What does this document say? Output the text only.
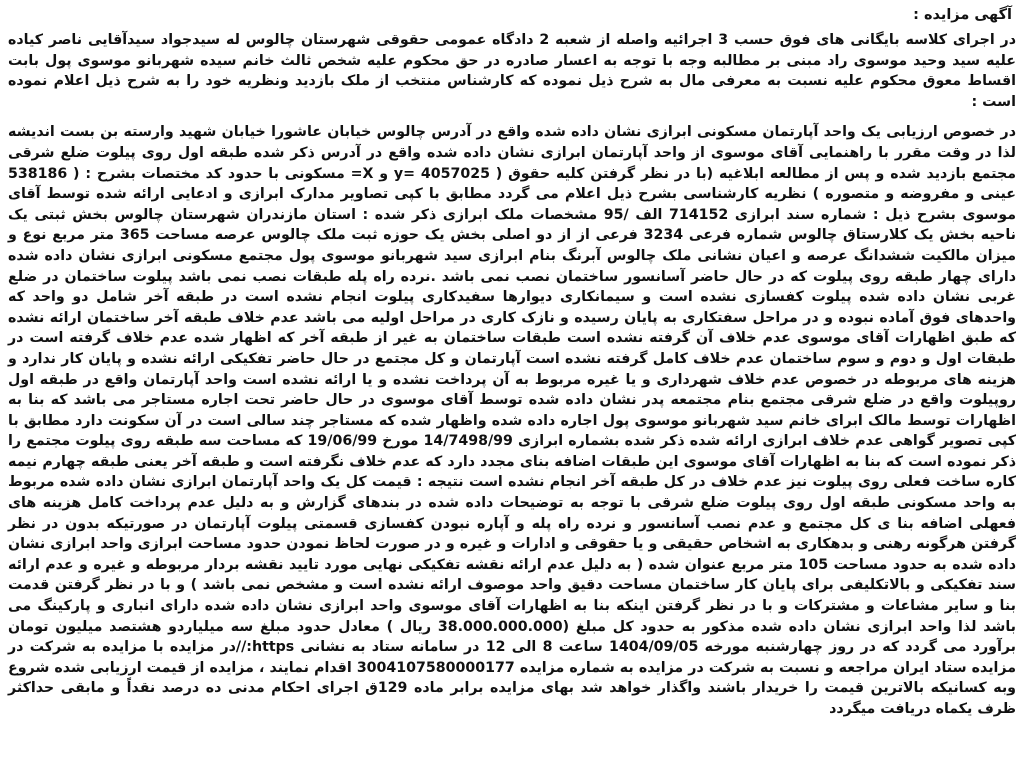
آگهی مزایده :

در اجرای کلاسه بایگانی های فوق حسب 3 اجرائیه واصله از شعبه 2 دادگاه عمومی حقوقی شهرستان چالوس له سیدجواد سیدآقایی ناصر کیاده علیه سید وحید موسوی راد مبنی بر مطالبه وجه با توجه به اعسار صادره در حق محکوم علیه شخص ثالث خانم سیده شهربانو موسوی پول بابت اقساط معوق محکوم علیه نسبت به معرفی مال به شرح ذیل نموده که کارشناس منتخب از ملک بازدید ونظریه خود را به شرح ذیل اعلام نموده است :

در خصوص ارزیابی یک واحد آپارتمان مسکونی ابرازی نشان داده شده واقع در آدرس چالوس خیابان عاشورا خیابان شهید وارسته بن بست اندیشه لذا در وقت مقرر با راهنمایی آقای موسوی از واحد آپارتمان ابرازی نشان داده شده واقع در آدرس ذکر شده طبقه اول روی پیلوت ضلع شرقی مجتمع بازدید شده و پس از مطالعه ابلاغیه (با در نظر گرفتن کلیه حقوق ( y= 4057025 و X= مسکونی با حدود کد مختصات بشرح : ( 538186 عینی و مفروضه و متصوره ) نظریه کارشناسی بشرح ذیل اعلام می گردد مطابق با کپی تصاویر مدارک ابرازی و ادعایی ارائه شده توسط آقای موسوی بشرح ذیل : شماره سند ابرازی 714152 الف /95 مشخصات ملک ابرازی ذکر شده : استان مازندران شهرستان چالوس بخش ثبتی یک ناحیه بخش یک کلارستاق چالوس شماره فرعی 3234 فرعی از از دو اصلی بخش یک حوزه ثبت ملک چالوس عرصه مساحت 365 متر مربع نوع و میزان مالکیت ششدانگ عرصه و اعیان نشانی ملک چالوس آبرنگ بنام ابرازی سید شهربانو موسوی پول مجتمع مسکونی ابرازی نشان داده شده دارای چهار طبقه روی پیلوت که در حال حاضر آسانسور ساختمان نصب نمی باشد .نرده راه پله طبقات نصب نمی باشد پیلوت ساختمان در ضلع غربی نشان داده شده پیلوت کفسازی نشده است و سیمانکاری دیوارها سفیدکاری پیلوت انجام نشده است در طبقه آخر شامل دو واحد که واحدهای فوق آماده نبوده و در مراحل سفتکاری به پایان رسیده و نازک کاری در مراحل اولیه می باشد عدم خلاف طبقه آخر ساختمان ارائه نشده که طبق اظهارات آقای موسوی عدم خلاف آن گرفته نشده است طبقات ساختمان به غیر از طبقه آخر که اظهار شده عدم خلاف گرفته است در طبقات اول و دوم و سوم ساختمان عدم خلاف کامل گرفته نشده است آپارتمان و کل مجتمع در حال حاضر تفکیکی ارائه نشده و پایان کار ندارد و هزینه های مربوطه در خصوص عدم خلاف شهرداری و یا غیره مربوط به آن پرداخت نشده و یا ارائه نشده است واحد آپارتمان واقع در طبقه اول روپیلوت واقع در ضلع شرقی مجتمع بنام مجتمعه پدر نشان داده شده توسط آقای موسوی در حال حاضر تحت اجاره مستاجر می باشد که بنا به اظهارات توسط مالک ابرای خانم سید شهربانو موسوی پول اجاره داده شده واظهار شده که مستاجر چند سالی است در آن سکونت دارد مطابق با کپی تصویر گواهی عدم خلاف ابرازی ارائه شده ذکر شده بشماره ابرازی 14/7498/99 مورخ 19/06/99 که مساحت سه طبقه روی پیلوت مجتمع را ذکر نموده است که بنا به اظهارات آقای موسوی این طبقات اضافه بنای مجدد دارد که عدم خلاف نگرفته است و طبقه آخر یعنی طبقه چهارم نیمه کاره ساخت فعلی روی پیلوت نیز عدم خلاف در کل طبقه آخر انجام نشده است نتیجه : قیمت کل یک واحد آپارتمان ابرازی نشان داده شده مربوط به واحد مسکونی طبقه اول روی پیلوت ضلع شرقی با توجه به توضیحات داده شده در بندهای گزارش و به دلیل عدم پرداخت کامل هزینه های فعهلی اضافه بنا ی کل مجتمع و عدم نصب آسانسور و نرده راه پله و آپاره نبودن کفسازی قسمتی پیلوت آپارتمان در صورتیکه بدون در نظر گرفتن هرگونه رهنی و بدهکاری به اشخاص حقیقی و یا حقوقی و ادارات و غیره و در صورت لحاظ نمودن حدود مساحت ابرازی واحد ابرازی نشان داده شده به حدود مساحت 105 متر مربع عنوان شده ( به دلیل عدم ارائه نقشه تفکیکی نهایی مورد تایید نقشه بردار مربوطه و غیره و عدم ارائه سند تفکیکی و بالاتکلیفی برای پایان کار ساختمان مساحت دقیق واحد موصوف ارائه نشده است و مشخص نمی باشد ) و با در نظر گرفتن قدمت بنا و سایر مشاعات و مشترکات و با در نظر گرفتن اینکه بنا به اظهارات آقای موسوی واحد ابرازی نشان داده شده دارای انباری و پارکینگ می باشد لذا واحد ابرازی نشان داده شده مذکور به حدود کل مبلغ (38.000.000.000 ریال ) معادل حدود مبلغ سه میلیاردو هشتصد میلیون تومان برآورد می گردد که در روز چهارشنبه مورخه 1404/09/05 ساعت 8 الی 12 در سامانه ستاد به نشانی https://در مزایده با مزایده به شرکت در مزایده ستاد ایران مراجعه و نسبت به شرکت در مزایده به شماره مزایده 3004107580000177 اقدام نمایند ، مزایده از قیمت ارزیابی شده شروع وبه کسانیکه بالاترین قیمت را خریدار باشند واگذار خواهد شد بهای مزایده برابر ماده 129ق اجرای احکام مدنی ده درصد نقداً و مابقی حداکثر ظرف یکماه دریافت میگردد
